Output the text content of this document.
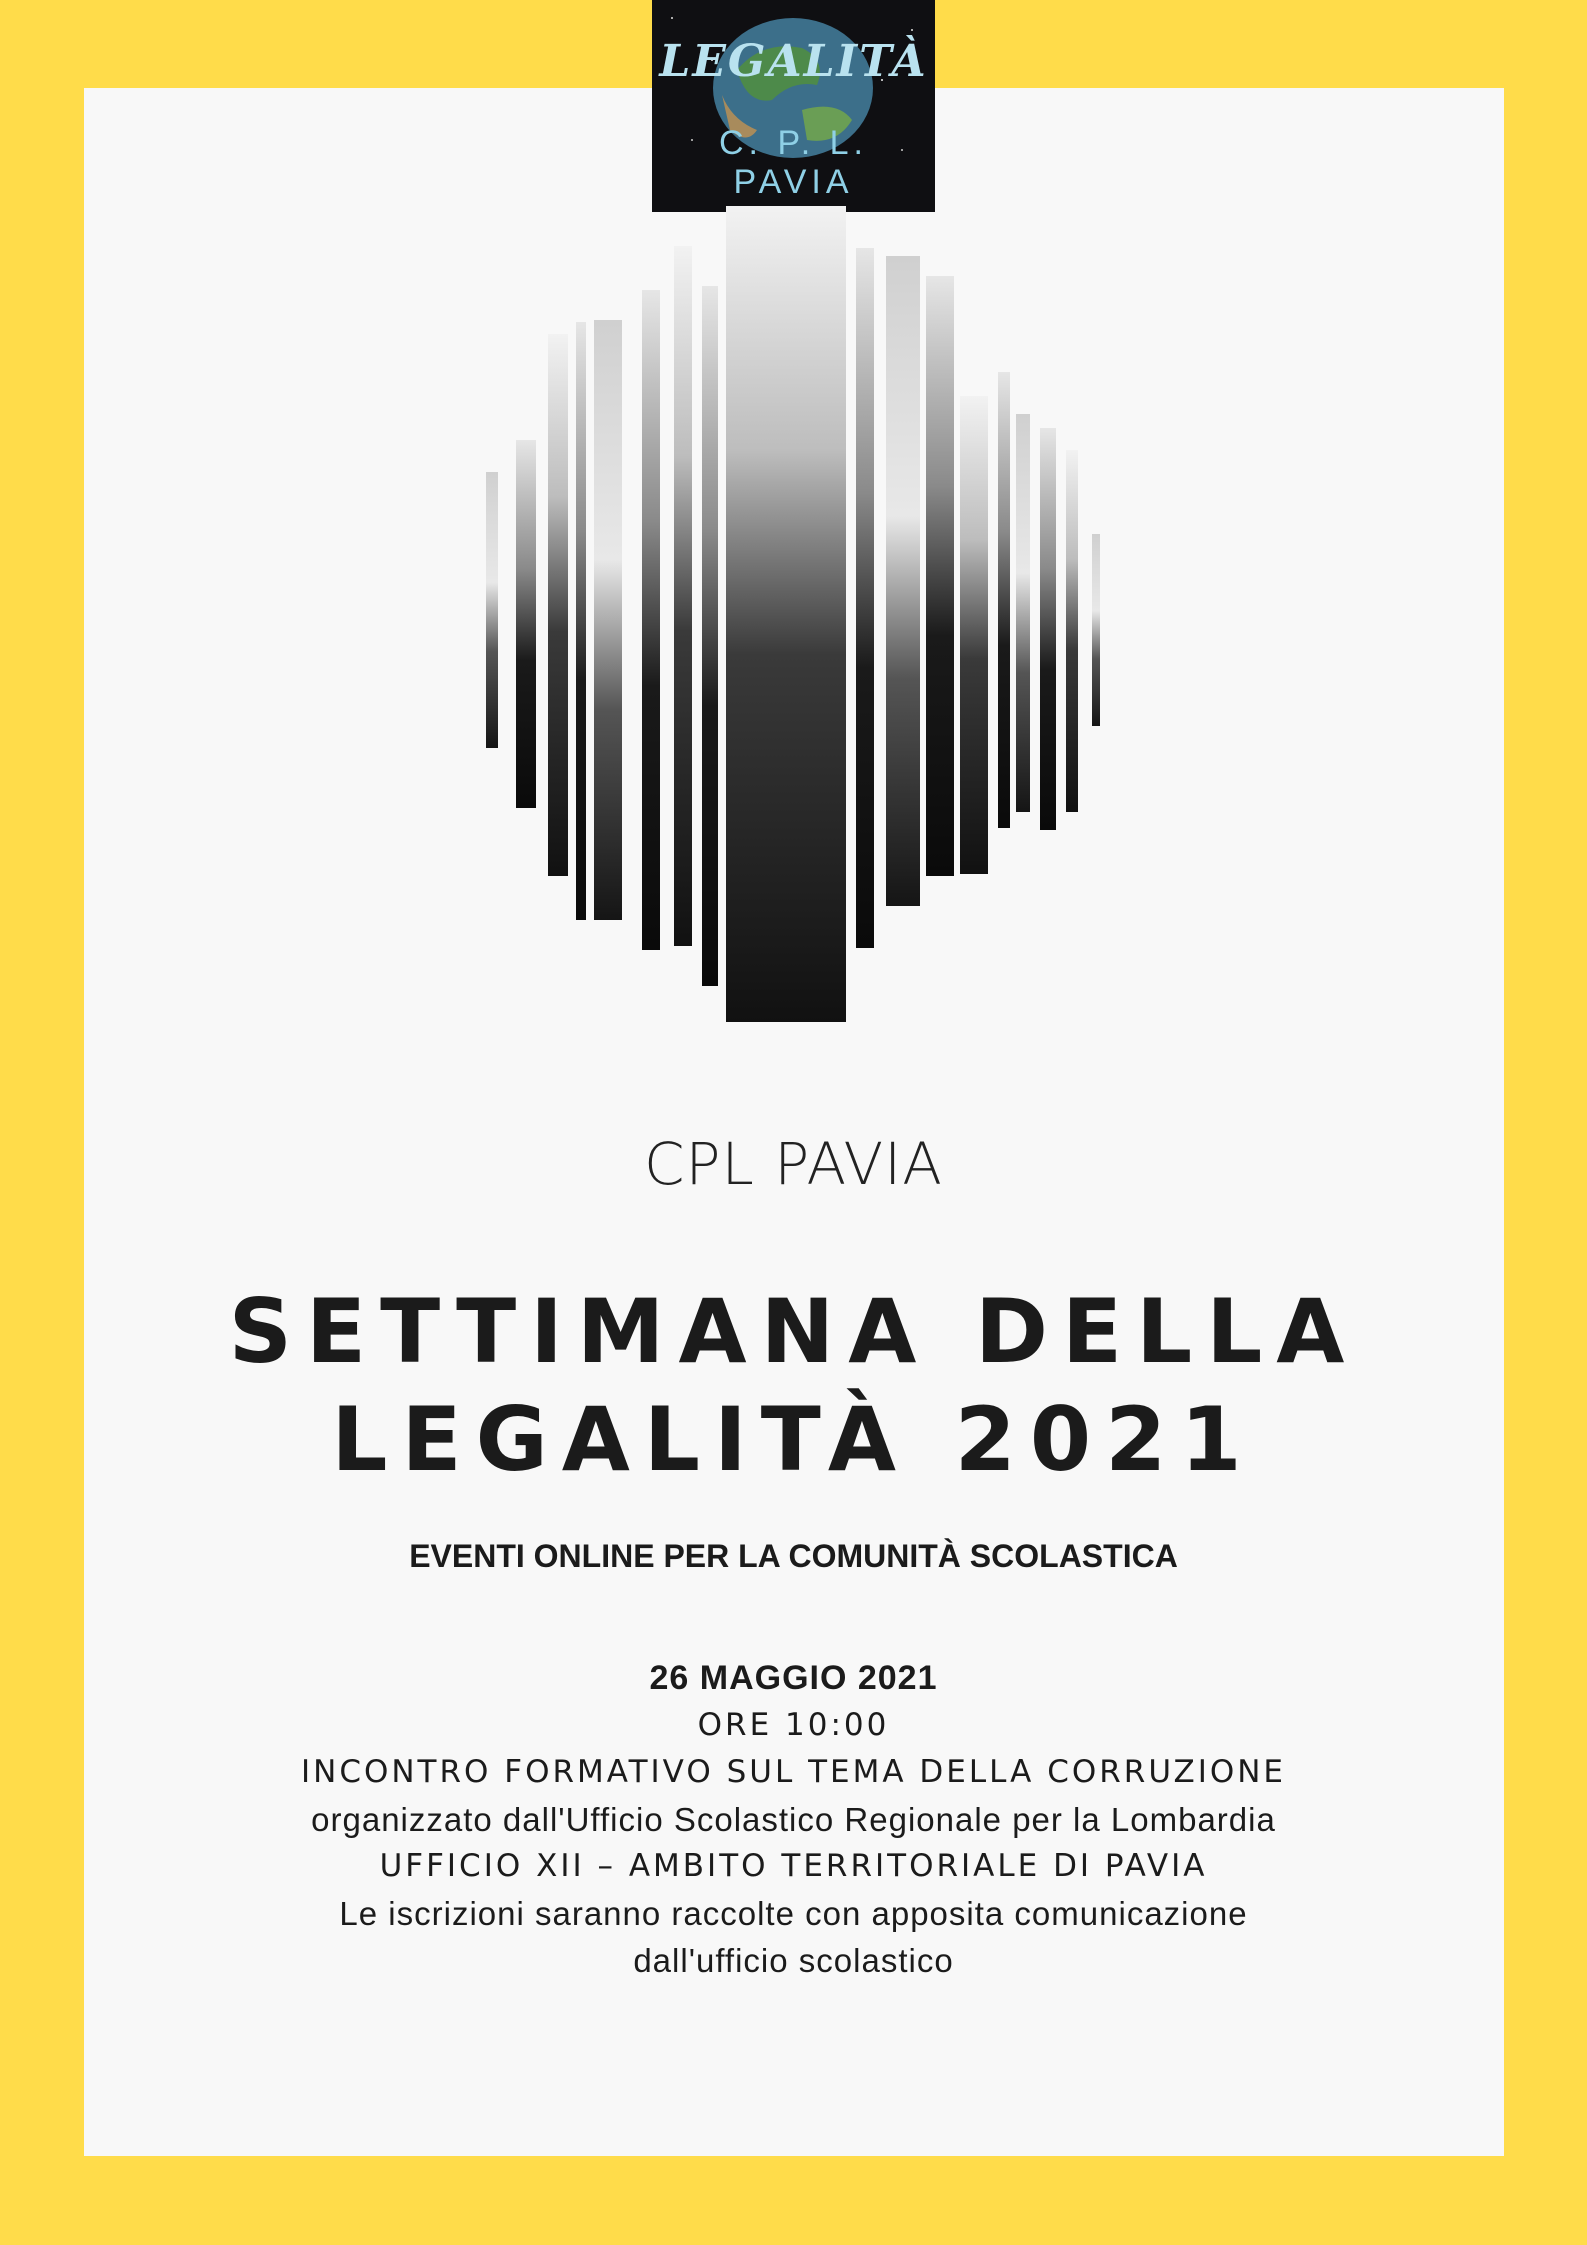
LEGALITÀ
C. P. L. PAVIA
CPL PAVIA
SETTIMANA DELLA
LEGALITÀ 2021
EVENTI ONLINE PER LA COMUNITÀ SCOLASTICA
26 MAGGIO 2021
ORE 10:00
INCONTRO FORMATIVO SUL TEMA DELLA CORRUZIONE
organizzato dall'Ufficio Scolastico Regionale per la Lombardia
UFFICIO XII – AMBITO TERRITORIALE DI PAVIA
Le iscrizioni saranno raccolte con apposita comunicazione
dall'ufficio scolastico
